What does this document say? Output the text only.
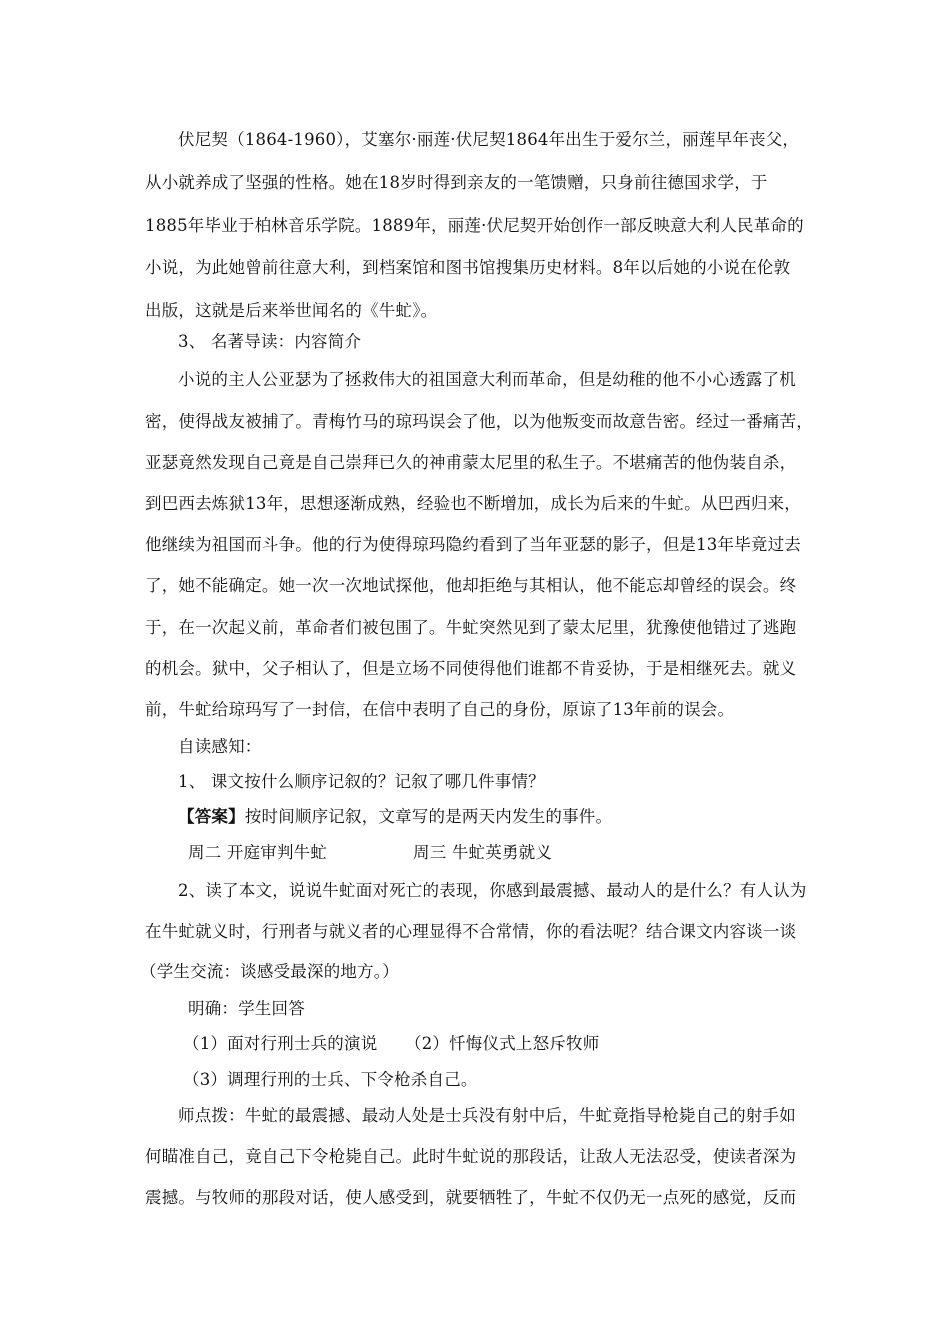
伏尼契（1864-1960），艾塞尔·丽莲·伏尼契1864年出生于爱尔兰，丽莲早年丧父，
从小就养成了坚强的性格。她在18岁时得到亲友的一笔馈赠，只身前往德国求学，于
1885年毕业于柏林音乐学院。1889年，丽莲·伏尼契开始创作一部反映意大利人民革命的
小说，为此她曾前往意大利，到档案馆和图书馆搜集历史材料。8年以后她的小说在伦敦
出版，这就是后来举世闻名的《牛虻》。
3、 名著导读：内容简介
小说的主人公亚瑟为了拯救伟大的祖国意大利而革命，但是幼稚的他不小心透露了机
密，使得战友被捕了。青梅竹马的琼玛误会了他，以为他叛变而故意告密。经过一番痛苦，
亚瑟竟然发现自己竟是自己崇拜已久的神甫蒙太尼里的私生子。不堪痛苦的他伪装自杀，
到巴西去炼狱13年，思想逐渐成熟，经验也不断增加，成长为后来的牛虻。从巴西归来，
他继续为祖国而斗争。他的行为使得琼玛隐约看到了当年亚瑟的影子，但是13年毕竟过去
了，她不能确定。她一次一次地试探他，他却拒绝与其相认，他不能忘却曾经的误会。终
于，在一次起义前，革命者们被包围了。牛虻突然见到了蒙太尼里，犹豫使他错过了逃跑
的机会。狱中，父子相认了，但是立场不同使得他们谁都不肯妥协，于是相继死去。就义
前，牛虻给琼玛写了一封信，在信中表明了自己的身份，原谅了13年前的误会。
自读感知：
1、 课文按什么顺序记叙的？记叙了哪几件事情？
【答案】按时间顺序记叙，文章写的是两天内发生的事件。
周二 开庭审判牛虻	周三 牛虻英勇就义
2、读了本文，说说牛虻面对死亡的表现，你感到最震撼、最动人的是什么？有人认为
在牛虻就义时，行刑者与就义者的心理显得不合常情，你的看法呢？结合课文内容谈一谈
（学生交流：谈感受最深的地方。）
明确：学生回答
（1）面对行刑士兵的演说 （2）忏悔仪式上怒斥牧师
（3）调理行刑的士兵、下令枪杀自己。
师点拨：牛虻的最震撼、最动人处是士兵没有射中后，牛虻竟指导枪毙自己的射手如
何瞄准自己，竟自己下令枪毙自己。此时牛虻说的那段话，让敌人无法忍受，使读者深为
震撼。与牧师的那段对话，使人感受到，就要牺牲了，牛虻不仅仍无一点死的感觉，反而
